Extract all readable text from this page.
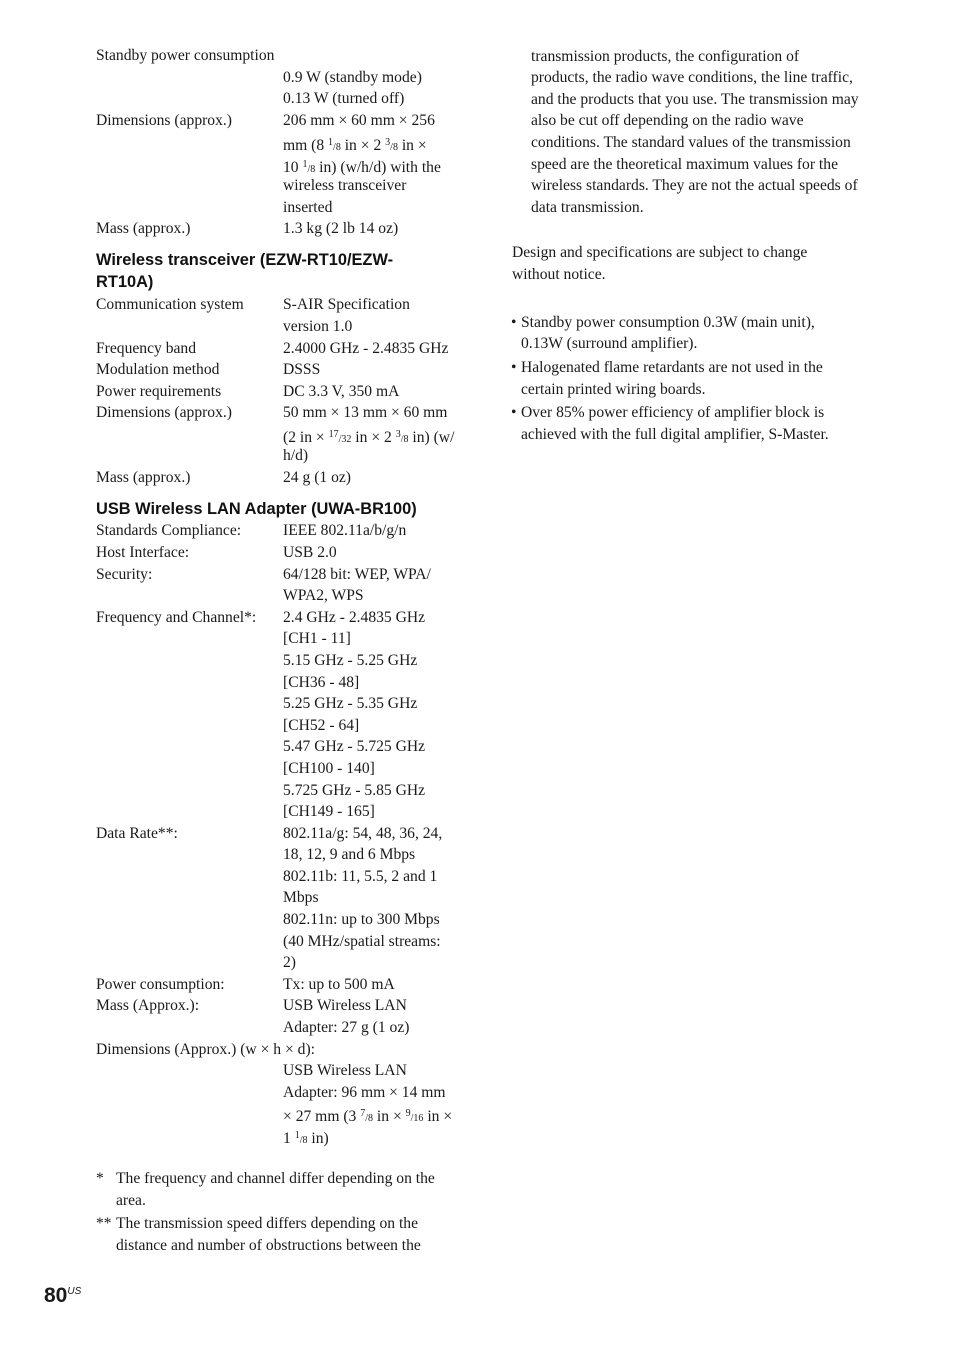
Standby power consumption
0.9 W (standby mode)
0.13 W (turned off)
Dimensions (approx.)	206 mm × 60 mm × 256
mm (8 $^1$/8 in × 2 $^3$/8 in ×
10 $^1$/8 in) (w/h/d) with the
wireless transceiver
inserted
Mass (approx.)	1.3 kg (2 lb 14 oz)
Wireless transceiver (EZW-RT10/EZW-
RT10A)
Communication system	S-AIR Specification
version 1.0
Frequency band	2.4000 GHz - 2.4835 GHz
Modulation method	DSSS
Power requirements	DC 3.3 V, 350 mA
Dimensions (approx.)	50 mm × 13 mm × 60 mm
(2 in × $^{17}$/32 in × 2 $^3$/8 in) (w/
h/d)
Mass (approx.)	24 g (1 oz)
USB Wireless LAN Adapter (UWA-BR100)
Standards Compliance:	IEEE 802.11a/b/g/n
Host Interface:	USB 2.0
Security:	64/128 bit: WEP, WPA/
WPA2, WPS
Frequency and Channel*: 2.4 GHz - 2.4835 GHz
[CH1 - 11]
5.15 GHz - 5.25 GHz
[CH36 - 48]
5.25 GHz - 5.35 GHz
[CH52 - 64]
5.47 GHz - 5.725 GHz
[CH100 - 140]
5.725 GHz - 5.85 GHz
[CH149 - 165]
Data Rate**:	802.11a/g: 54, 48, 36, 24,
18, 12, 9 and 6 Mbps
802.11b: 11, 5.5, 2 and 1
Mbps
802.11n: up to 300 Mbps
(40 MHz/spatial streams:
2)
Power consumption:	Tx: up to 500 mA
Mass (Approx.):	USB Wireless LAN
Adapter: 27 g (1 oz)
Dimensions (Approx.) (w × h × d):
USB Wireless LAN
Adapter: 96 mm × 14 mm
× 27 mm (3 $^7$/8 in × $^9$/16 in ×
1 $^1$/8 in)
* The frequency and channel differ depending on the
area.
** The transmission speed differs depending on the
distance and number of obstructions between the
transmission products, the configuration of
products, the radio wave conditions, the line traffic,
and the products that you use. The transmission may
also be cut off depending on the radio wave
conditions. The standard values of the transmission
speed are the theoretical maximum values for the
wireless standards. They are not the actual speeds of
data transmission.
Design and specifications are subject to change
without notice.
• Standby power consumption 0.3W (main unit),
0.13W (surround amplifier).
• Halogenated flame retardants are not used in the
certain printed wiring boards.
• Over 85% power efficiency of amplifier block is
achieved with the full digital amplifier, S-Master.
$80^{US}$
